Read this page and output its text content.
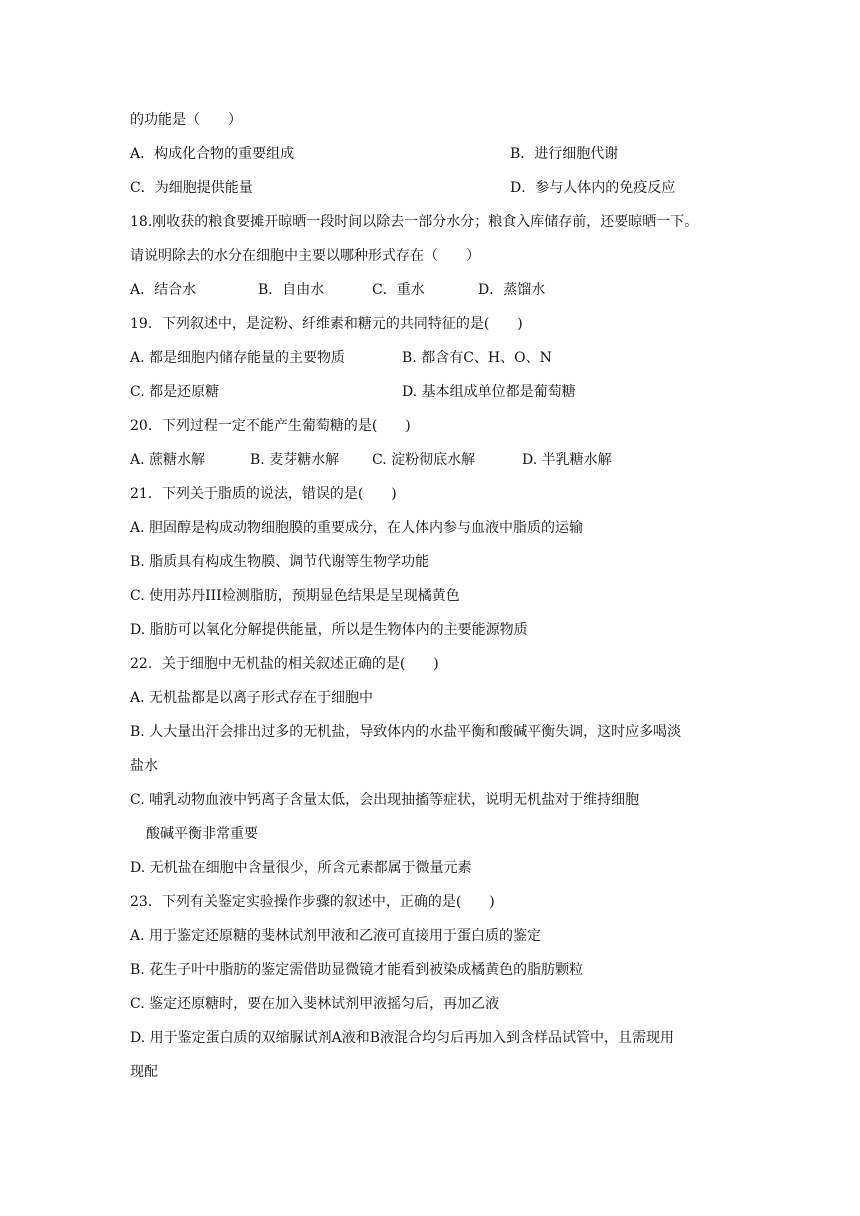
的功能是（　　）
A．构成化合物的重要组成	B．进行细胞代谢
C．为细胞提供能量	D．参与人体内的免疫反应
18.刚收获的粮食要摊开晾晒一段时间以除去一部分水分；粮食入库储存前，还要晾晒一下。
请说明除去的水分在细胞中主要以哪种形式存在（　　）
A．结合水	B．自由水	C．重水	D．蒸馏水
19．下列叙述中，是淀粉、纤维素和糖元的共同特征的是(　　)
A. 都是细胞内储存能量的主要物质	B. 都含有C、H、O、N
C. 都是还原糖	D. 基本组成单位都是葡萄糖
20．下列过程一定不能产生葡萄糖的是(　　)
A. 蔗糖水解	B. 麦芽糖水解 C. 淀粉彻底水解	D. 半乳糖水解
21．下列关于脂质的说法，错误的是(　　)
A. 胆固醇是构成动物细胞膜的重要成分，在人体内参与血液中脂质的运输
B. 脂质具有构成生物膜、调节代谢等生物学功能
C. 使用苏丹III检测脂肪，预期显色结果是呈现橘黄色
D. 脂肪可以氧化分解提供能量，所以是生物体内的主要能源物质
22．关于细胞中无机盐的相关叙述正确的是(　　)
A. 无机盐都是以离子形式存在于细胞中
B. 人大量出汗会排出过多的无机盐，导致体内的水盐平衡和酸碱平衡失调，这时应多喝淡
盐水
C. 哺乳动物血液中钙离子含量太低，会出现抽搐等症状，说明无机盐对于维持细胞
酸碱平衡非常重要
D. 无机盐在细胞中含量很少，所含元素都属于微量元素
23．下列有关鉴定实验操作步骤的叙述中，正确的是(　　)
A. 用于鉴定还原糖的斐林试剂甲液和乙液可直接用于蛋白质的鉴定
B. 花生子叶中脂肪的鉴定需借助显微镜才能看到被染成橘黄色的脂肪颗粒
C. 鉴定还原糖时，要在加入斐林试剂甲液摇匀后，再加乙液
D. 用于鉴定蛋白质的双缩脲试剂A液和B液混合均匀后再加入到含样品试管中，且需现用
现配
